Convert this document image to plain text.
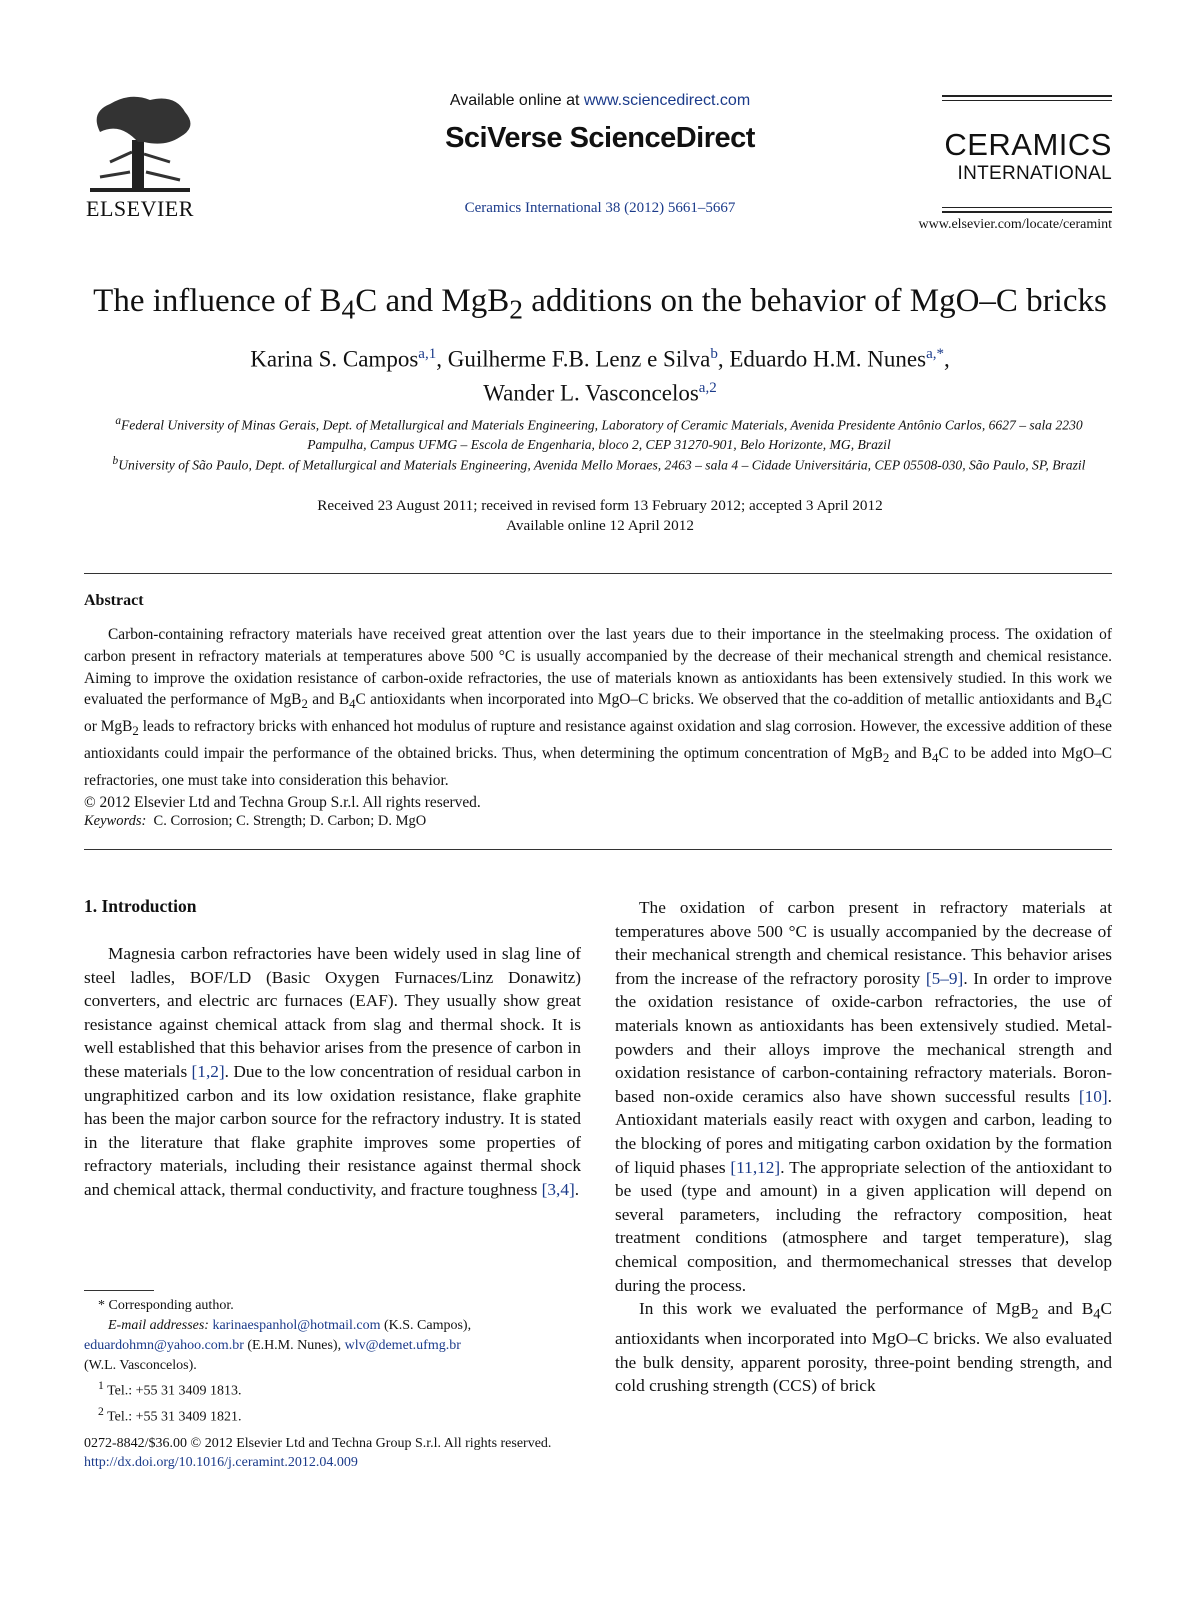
ELSEVIER
Available online at www.sciencedirect.com
SciVerse ScienceDirect
Ceramics International 38 (2012) 5661–5667
CERAMICS
INTERNATIONAL
www.elsevier.com/locate/ceramint
The influence of $B_4C$ and MgB$_2$ additions on the behavior of MgO–C bricks
Karina S. Campos$^{a,1}$, Guilherme F.B. Lenz e Silva$^b$, Eduardo H.M. Nunes$^{a,*}$,
Wander L. Vasconcelos$^{a,2}$
$^a$Federal University of Minas Gerais, Dept. of Metallurgical and Materials Engineering, Laboratory of Ceramic Materials, Avenida Presidente Antônio Carlos, 6627 – sala 2230 Pampulha, Campus UFMG – Escola de Engenharia, bloco 2, CEP 31270-901, Belo Horizonte, MG, Brazil
$^b$University of São Paulo, Dept. of Metallurgical and Materials Engineering, Avenida Mello Moraes, 2463 – sala 4 – Cidade Universitária, CEP 05508-030, São Paulo, SP, Brazil
Received 23 August 2011; received in revised form 13 February 2012; accepted 3 April 2012
Available online 12 April 2012
Abstract
Carbon-containing refractory materials have received great attention over the last years due to their importance in the steelmaking process. The oxidation of carbon present in refractory materials at temperatures above 500 °C is usually accompanied by the decrease of their mechanical strength and chemical resistance. Aiming to improve the oxidation resistance of carbon-oxide refractories, the use of materials known as antioxidants has been extensively studied. In this work we evaluated the performance of MgB$_2$ and $B_4C$ antioxidants when incorporated into MgO–C bricks. We observed that the co-addition of metallic antioxidants and $B_4C$ or MgB$_2$ leads to refractory bricks with enhanced hot modulus of rupture and resistance against oxidation and slag corrosion. However, the excessive addition of these antioxidants could impair the performance of the obtained bricks. Thus, when determining the optimum concentration of MgB$_2$ and $B_4C$ to be added into MgO–C refractories, one must take into consideration this behavior.
© 2012 Elsevier Ltd and Techna Group S.r.l. All rights reserved.
Keywords: C. Corrosion; C. Strength; D. Carbon; D. MgO
1. Introduction

Magnesia carbon refractories have been widely used in slag line of steel ladles, BOF/LD (Basic Oxygen Furnaces/Linz Donawitz) converters, and electric arc furnaces (EAF). They usually show great resistance against chemical attack from slag and thermal shock. It is well established that this behavior arises from the presence of carbon in these materials [1,2]. Due to the low concentration of residual carbon in ungraphitized carbon and its low oxidation resistance, flake graphite has been the major carbon source for the refractory industry. It is stated in the literature that flake graphite improves some properties of refractory materials, including their resistance against thermal shock and chemical attack, thermal conductivity, and fracture toughness [3,4].

The oxidation of carbon present in refractory materials at temperatures above 500 °C is usually accompanied by the decrease of their mechanical strength and chemical resistance. This behavior arises from the increase of the refractory porosity [5–9]. In order to improve the oxidation resistance of oxide-carbon refractories, the use of materials known as antioxidants has been extensively studied. Metal-powders and their alloys improve the mechanical strength and oxidation resistance of carbon-containing refractory materials. Boron-based non-oxide ceramics also have shown successful results [10]. Antioxidant materials easily react with oxygen and carbon, leading to the blocking of pores and mitigating carbon oxidation by the formation of liquid phases [11,12]. The appropriate selection of the antioxidant to be used (type and amount) in a given application will depend on several parameters, including the refractory composition, heat treatment conditions (atmosphere and target temperature), slag chemical composition, and thermomechanical stresses that develop during the process.

In this work we evaluated the performance of MgB$_2$ and $B_4C$ antioxidants when incorporated into MgO–C bricks. We also evaluated the bulk density, apparent porosity, three-point bending strength, and cold crushing strength (CCS) of brick

* Corresponding author.
E-mail addresses: karinaespanhol@hotmail.com (K.S. Campos),
eduardohmn@yahoo.com.br (E.H.M. Nunes), wlv@demet.ufmg.br
(W.L. Vasconcelos).
$^1$ Tel.: +55 31 3409 1813.
$^2$ Tel.: +55 31 3409 1821.
0272-8842/$36.00 © 2012 Elsevier Ltd and Techna Group S.r.l. All rights reserved.
http://dx.doi.org/10.1016/j.ceramint.2012.04.009
